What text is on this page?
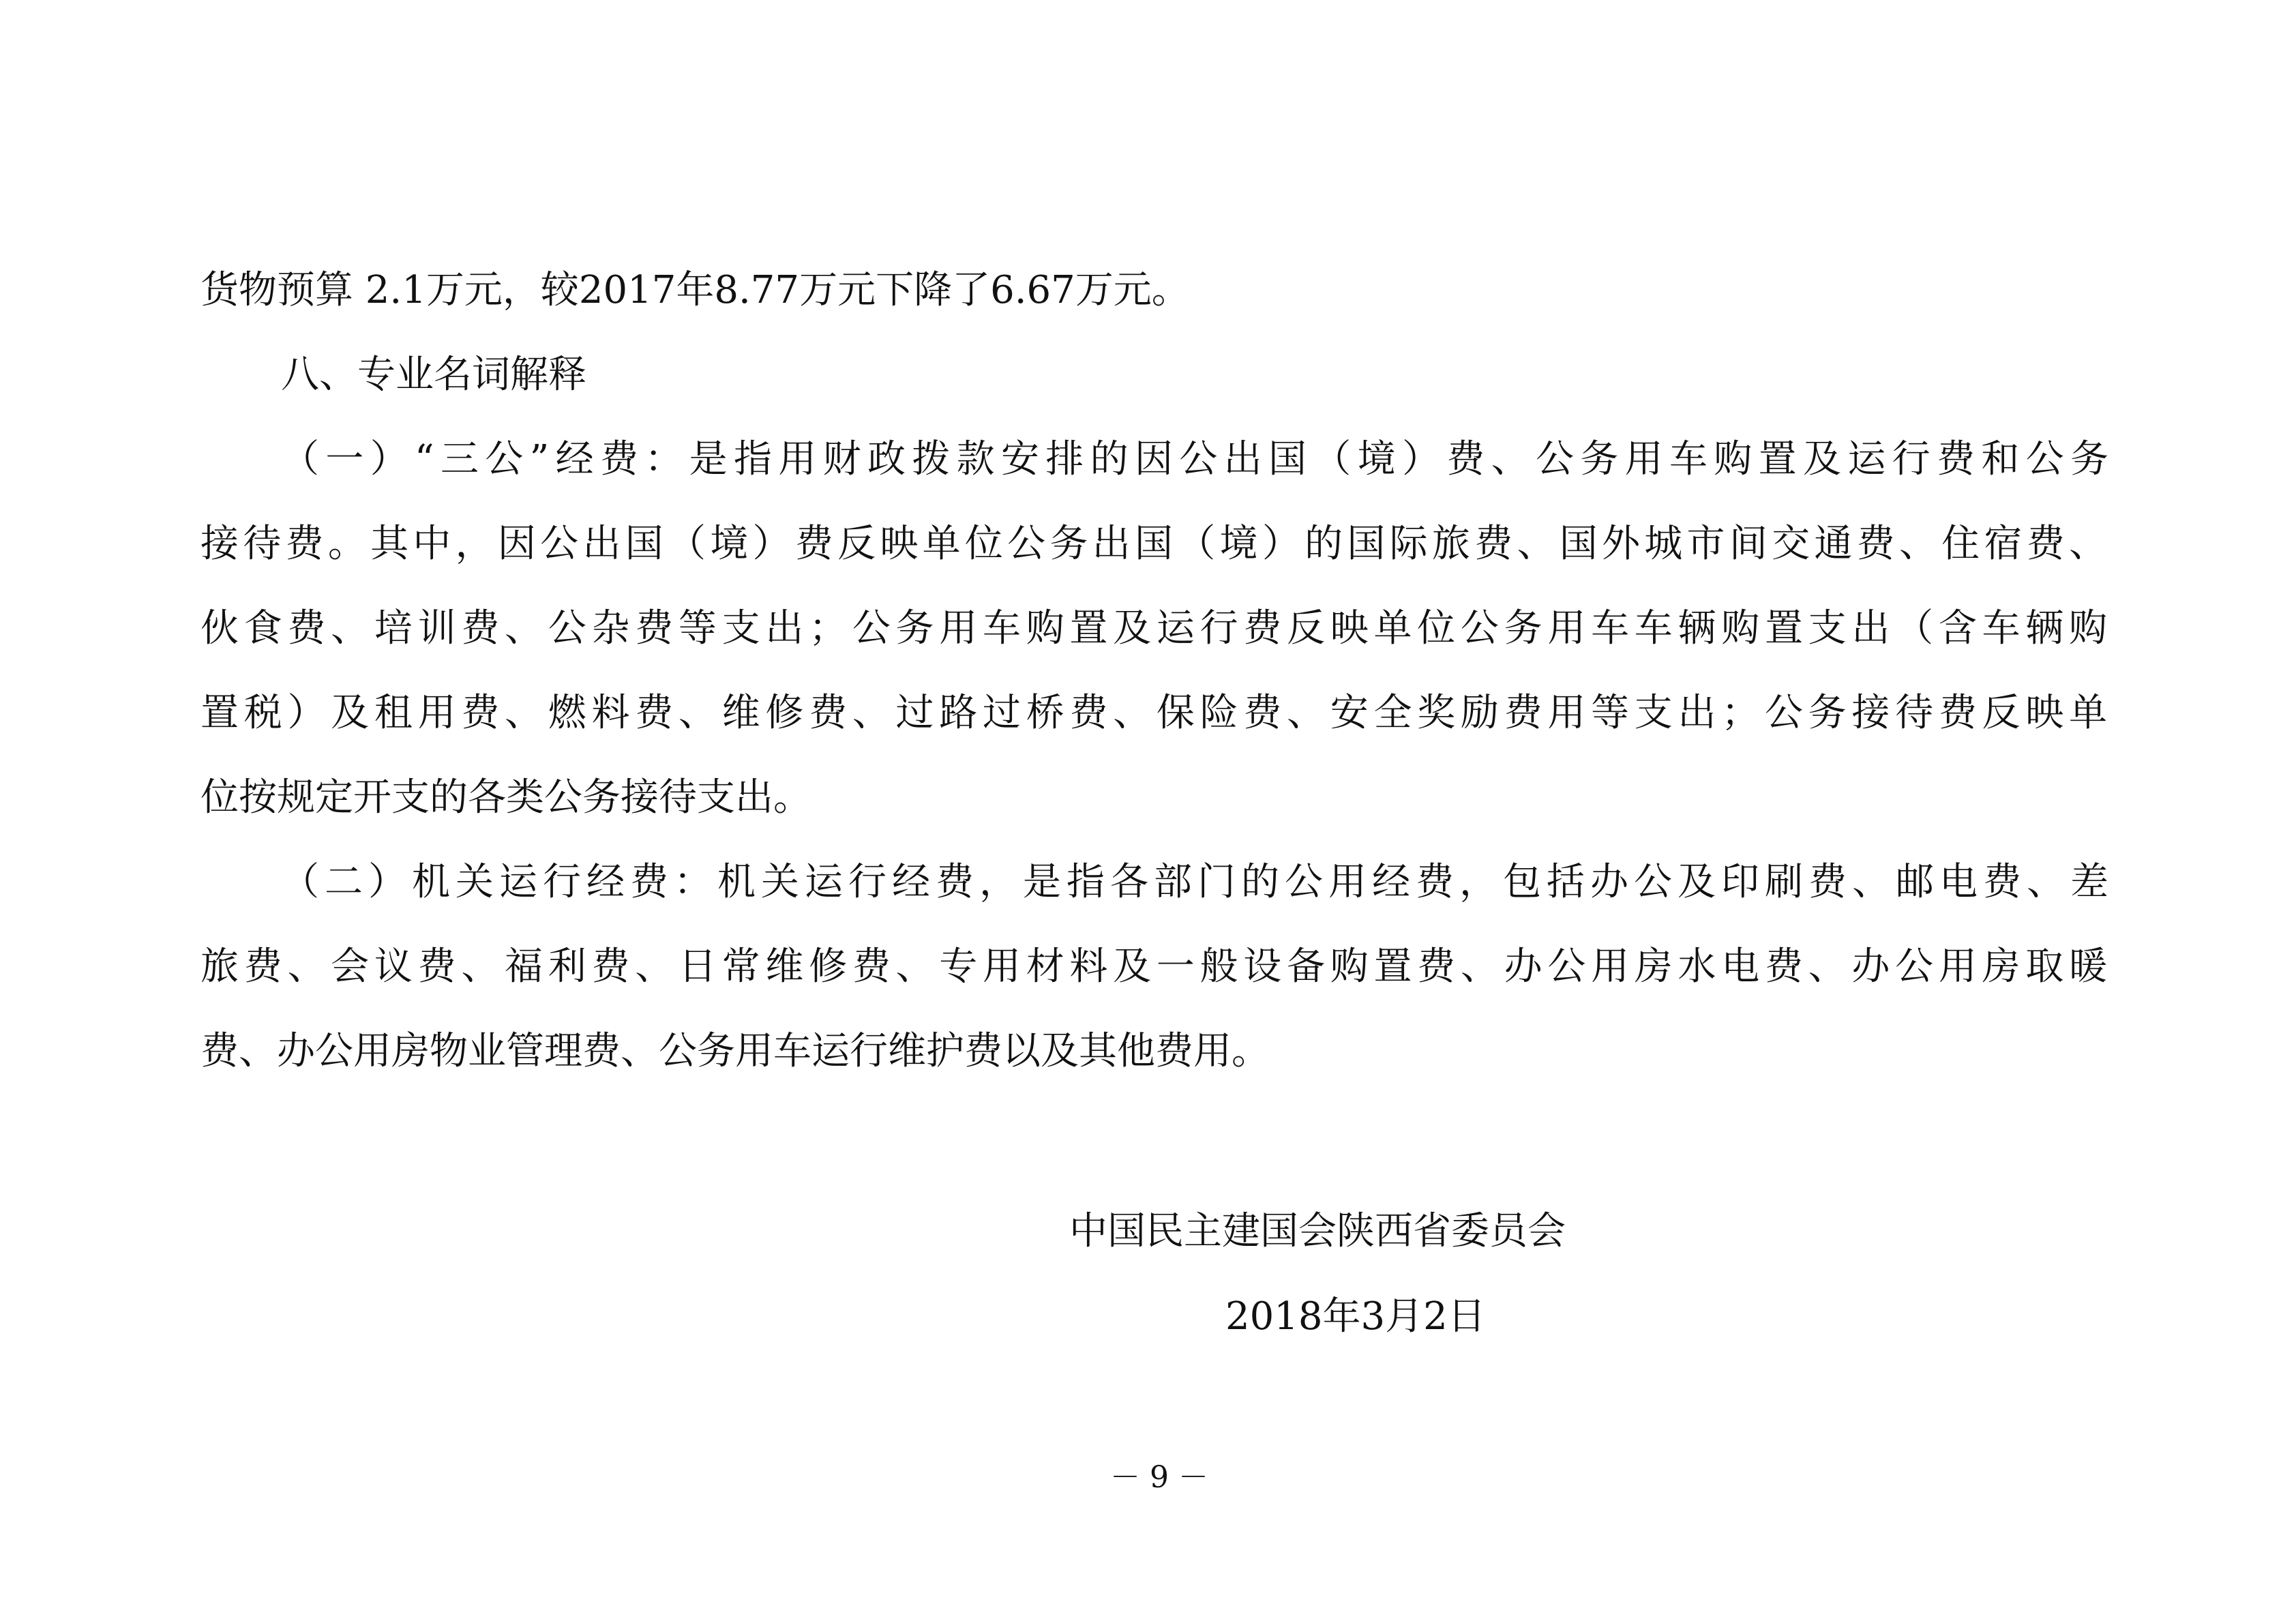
货物预算 2.1万元，较2017年8.77万元下降了6.67万元。

八、专业名词解释

（一）“三公”经费：是指用财政拨款安排的因公出国（境）费、公务用车购置及运行费和公务

接待费。其中，因公出国（境）费反映单位公务出国（境）的国际旅费、国外城市间交通费、住宿费、

伙食费、培训费、公杂费等支出；公务用车购置及运行费反映单位公务用车车辆购置支出（含车辆购

置税）及租用费、燃料费、维修费、过路过桥费、保险费、安全奖励费用等支出；公务接待费反映单

位按规定开支的各类公务接待支出。

（二）机关运行经费：机关运行经费，是指各部门的公用经费，包括办公及印刷费、邮电费、差

旅费、会议费、福利费、日常维修费、专用材料及一般设备购置费、办公用房水电费、办公用房取暖

费、办公用房物业管理费、公务用车运行维护费以及其他费用。

中国民主建国会陕西省委员会
2018年3月2日
－ 9 －
